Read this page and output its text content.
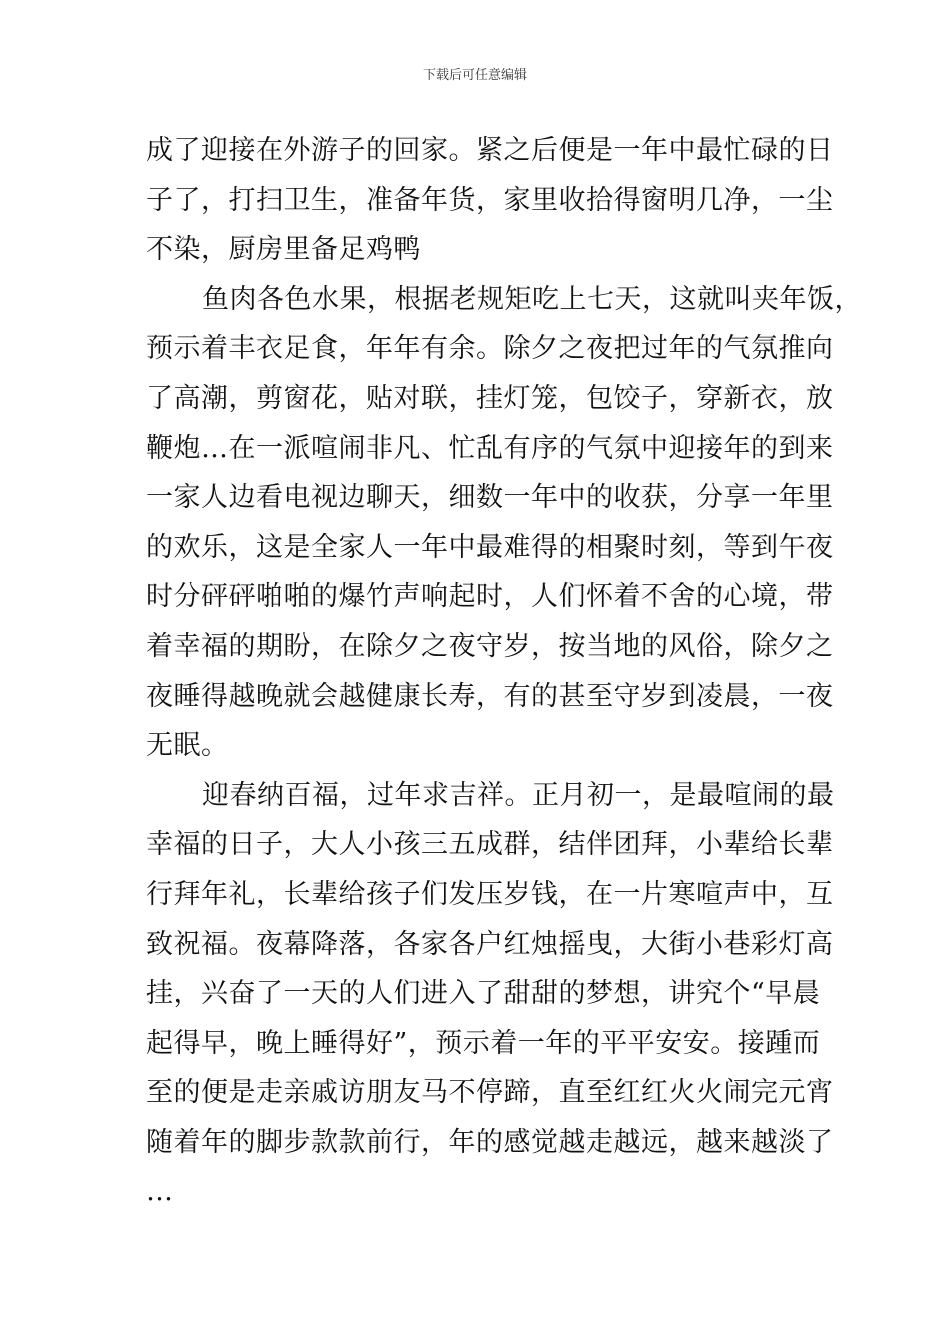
下载后可任意编辑
成了迎接在外游子的回家。紧之后便是一年中最忙碌的日
子了，打扫卫生，准备年货，家里收拾得窗明几净，一尘
不染，厨房里备足鸡鸭
鱼肉各色水果，根据老规矩吃上七天，这就叫夹年饭，
预示着丰衣足食，年年有余。除夕之夜把过年的气氛推向
了高潮，剪窗花，贴对联，挂灯笼，包饺子，穿新衣，放
鞭炮…在一派喧闹非凡、忙乱有序的气氛中迎接年的到来
一家人边看电视边聊天，细数一年中的收获，分享一年里
的欢乐，这是全家人一年中最难得的相聚时刻，等到午夜
时分砰砰啪啪的爆竹声响起时，人们怀着不舍的心境，带
着幸福的期盼，在除夕之夜守岁，按当地的风俗，除夕之
夜睡得越晚就会越健康长寿，有的甚至守岁到凌晨，一夜
无眠。
迎春纳百福，过年求吉祥。正月初一，是最喧闹的最
幸福的日子，大人小孩三五成群，结伴团拜，小辈给长辈
行拜年礼，长辈给孩子们发压岁钱，在一片寒喧声中，互
致祝福。夜幕降落，各家各户红烛摇曳，大街小巷彩灯高
挂，兴奋了一天的人们进入了甜甜的梦想，讲究个“早晨
起得早，晚上睡得好”，预示着一年的平平安安。接踵而
至的便是走亲戚访朋友马不停蹄，直至红红火火闹完元宵
随着年的脚步款款前行，年的感觉越走越远，越来越淡了
…
